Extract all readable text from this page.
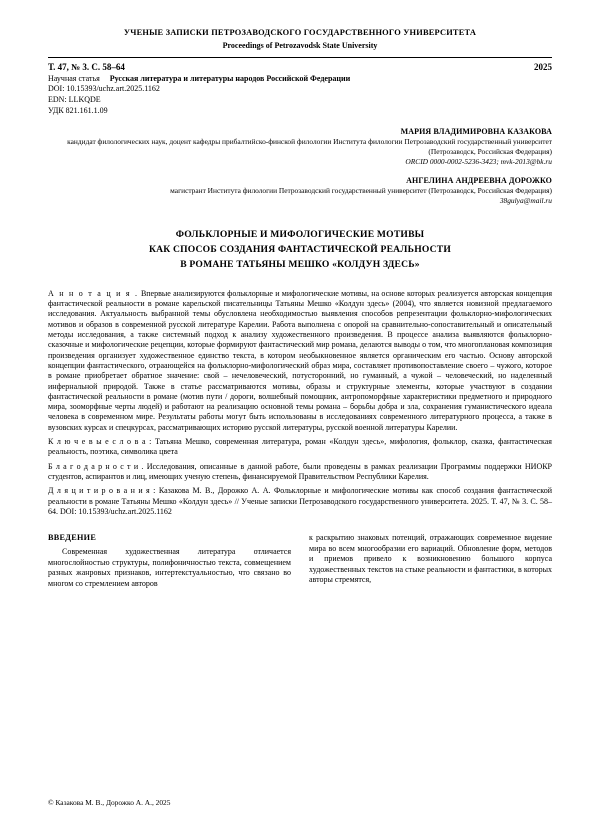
УЧЕНЫЕ ЗАПИСКИ ПЕТРОЗАВОДСКОГО ГОСУДАРСТВЕННОГО УНИВЕРСИТЕТА
Proceedings of Petrozavodsk State University
Т. 47, № 3. С. 58–64	2025
Научная статья Русская литература и литературы народов Российской Федерации
DOI: 10.15393/uchz.art.2025.1162
EDN: LLKQDE
УДК 821.161.1.09
МАРИЯ ВЛАДИМИРОВНА КАЗАКОВА
кандидат филологических наук, доцент кафедры прибалтийско-финской филологии Института филологии Петрозаводский государственный университет (Петрозаводск, Российская Федерация)
ORCID 0000-0002-5236-3423; mvk-2013@bk.ru
АНГЕЛИНА АНДРЕЕВНА ДОРОЖКО
магистрант Института филологии Петрозаводский государственный университет (Петрозаводск, Российская Федерация)
38gulya@mail.ru
ФОЛЬКЛОРНЫЕ И МИФОЛОГИЧЕСКИЕ МОТИВЫ
КАК СПОСОБ СОЗДАНИЯ ФАНТАСТИЧЕСКОЙ РЕАЛЬНОСТИ
В РОМАНЕ ТАТЬЯНЫ МЕШКО «КОЛДУН ЗДЕСЬ»

А н н о т а ц и я . Впервые анализируются фольклорные и мифологические мотивы, на основе которых реализуется авторская концепция фантастической реальности в романе карельской писательницы Татьяны Мешко «Колдун здесь» (2004), что является новизной предлагаемого исследования. Актуальность выбранной темы обусловлена необходимостью выявления способов репрезентации фольклорно-мифологических мотивов и образов в современной русской литературе Карелии. Работа выполнена с опорой на сравнительно-сопоставительный и описательный методы исследования, а также системный подход к анализу художественного произведения. В процессе анализа выявляются фольклорно-сказочные и мифологические рецепции, которые формируют фантастический мир романа, делаются выводы о том, что многоплановая композиция произведения организует художественное единство текста, в котором необыкновенное является органическим его частью. Основу авторской концепции фантастического, отраающейся на фольклорно-мифологический образ мира, составляет противопоставление своего – чужого, которое в романе приобретает обратное значение: свой – нечеловеческий, потусторонний, но гуманный, а чужой – человеческий, но наделенный инфернальной природой. Также в статье рассматриваются мотивы, образы и структурные элементы, которые участвуют в создании фантастической реальности в романе (мотив пути / дороги, волшебный помощник, антропоморфные характеристики предметного и природного мира, зооморфные черты людей) и работают на реализацию основной темы романа – борьбы добра и зла, сохранения гуманистического идеала человека в современном мире. Результаты работы могут быть использованы в исследованиях современного литературного процесса, а также в вузовских курсах и спецкурсах, рассматривающих историю русской литературы, русской военной литературы Карелии.

К л ю ч е в ы е с л о в а : Татьяна Мешко, современная литература, роман «Колдун здесь», мифология, фольклор, сказка, фантастическая реальность, поэтика, символика цвета

Б л а г о д а р н о с т и . Исследования, описанные в данной работе, были проведены в рамках реализации Программы поддержки НИОКР студентов, аспирантов и лиц, имеющих ученую степень, финансируемой Правительством Республики Карелия.

Д л я ц и т и р о в а н и я : Казакова М. В., Дорожко А. А. Фольклорные и мифологические мотивы как способ создания фантастической реальности в романе Татьяны Мешко «Колдун здесь» // Ученые записки Петрозаводского государственного университета. 2025. Т. 47, № 3. С. 58–64. DOI: 10.15393/uchz.art.2025.1162

ВВЕДЕНИЕ

Современная художественная литература отличается многослойностью структуры, полифоничностью текста, совмещением разных жанровых признаков, интертекстуальностью, что связано во многом со стремлением авторов

к раскрытию знаковых потенций, отражающих современное видение мира во всем многообразии его вариаций. Обновление форм, методов и приемов привело к возникновению большого корпуса художественных текстов на стыке реальности и фантастики, в которых авторы стремятся,

© Казакова М. В., Дорожко А. А., 2025
